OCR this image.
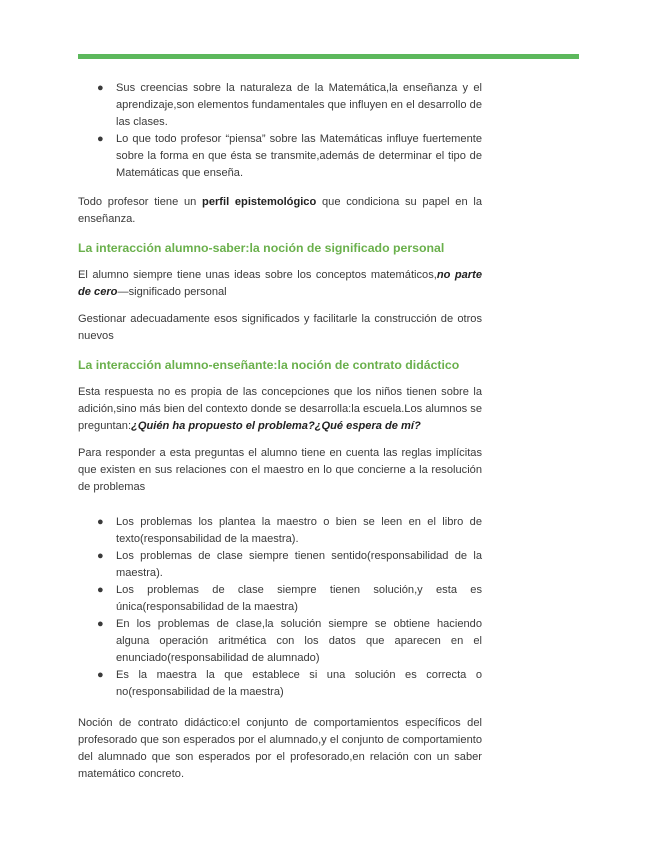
● Sus creencias sobre la naturaleza de la Matemática,la enseñanza y el aprendizaje,son elementos fundamentales que influyen en el desarrollo de las clases.
● Lo que todo profesor “piensa” sobre las Matemáticas influye fuertemente sobre la forma en que ésta se transmite,además de determinar el tipo de Matemáticas que enseña.

Todo profesor tiene un perfil epistemológico que condiciona su papel en la enseñanza.

La interacción alumno-saber:la noción de significado personal

El alumno siempre tiene unas ideas sobre los conceptos matemáticos,no parte de cero—significado personal

Gestionar adecuadamente esos significados y facilitarle la construcción de otros nuevos

La interacción alumno-enseñante:la noción de contrato didáctico

Esta respuesta no es propia de las concepciones que los niños tienen sobre la adición,sino más bien del contexto donde se desarrolla:la escuela.Los alumnos se preguntan:¿Quién ha propuesto el problema?¿Qué espera de mí?

Para responder a esta preguntas el alumno tiene en cuenta las reglas implícitas que existen en sus relaciones con el maestro en lo que concierne a la resolución de problemas

● Los problemas los plantea la maestro o bien se leen en el libro de texto(responsabilidad de la maestra).
● Los problemas de clase siempre tienen sentido(responsabilidad de la maestra).
● Los problemas de clase siempre tienen solución,y esta es única(responsabilidad de la maestra)
● En los problemas de clase,la solución siempre se obtiene haciendo alguna operación aritmética con los datos que aparecen en el enunciado(responsabilidad de alumnado)
● Es la maestra la que establece si una solución es correcta o no(responsabilidad de la maestra)

Noción de contrato didáctico:el conjunto de comportamientos específicos del profesorado que son esperados por el alumnado,y el conjunto de comportamiento del alumnado que son esperados por el profesorado,en relación con un saber matemático concreto.
